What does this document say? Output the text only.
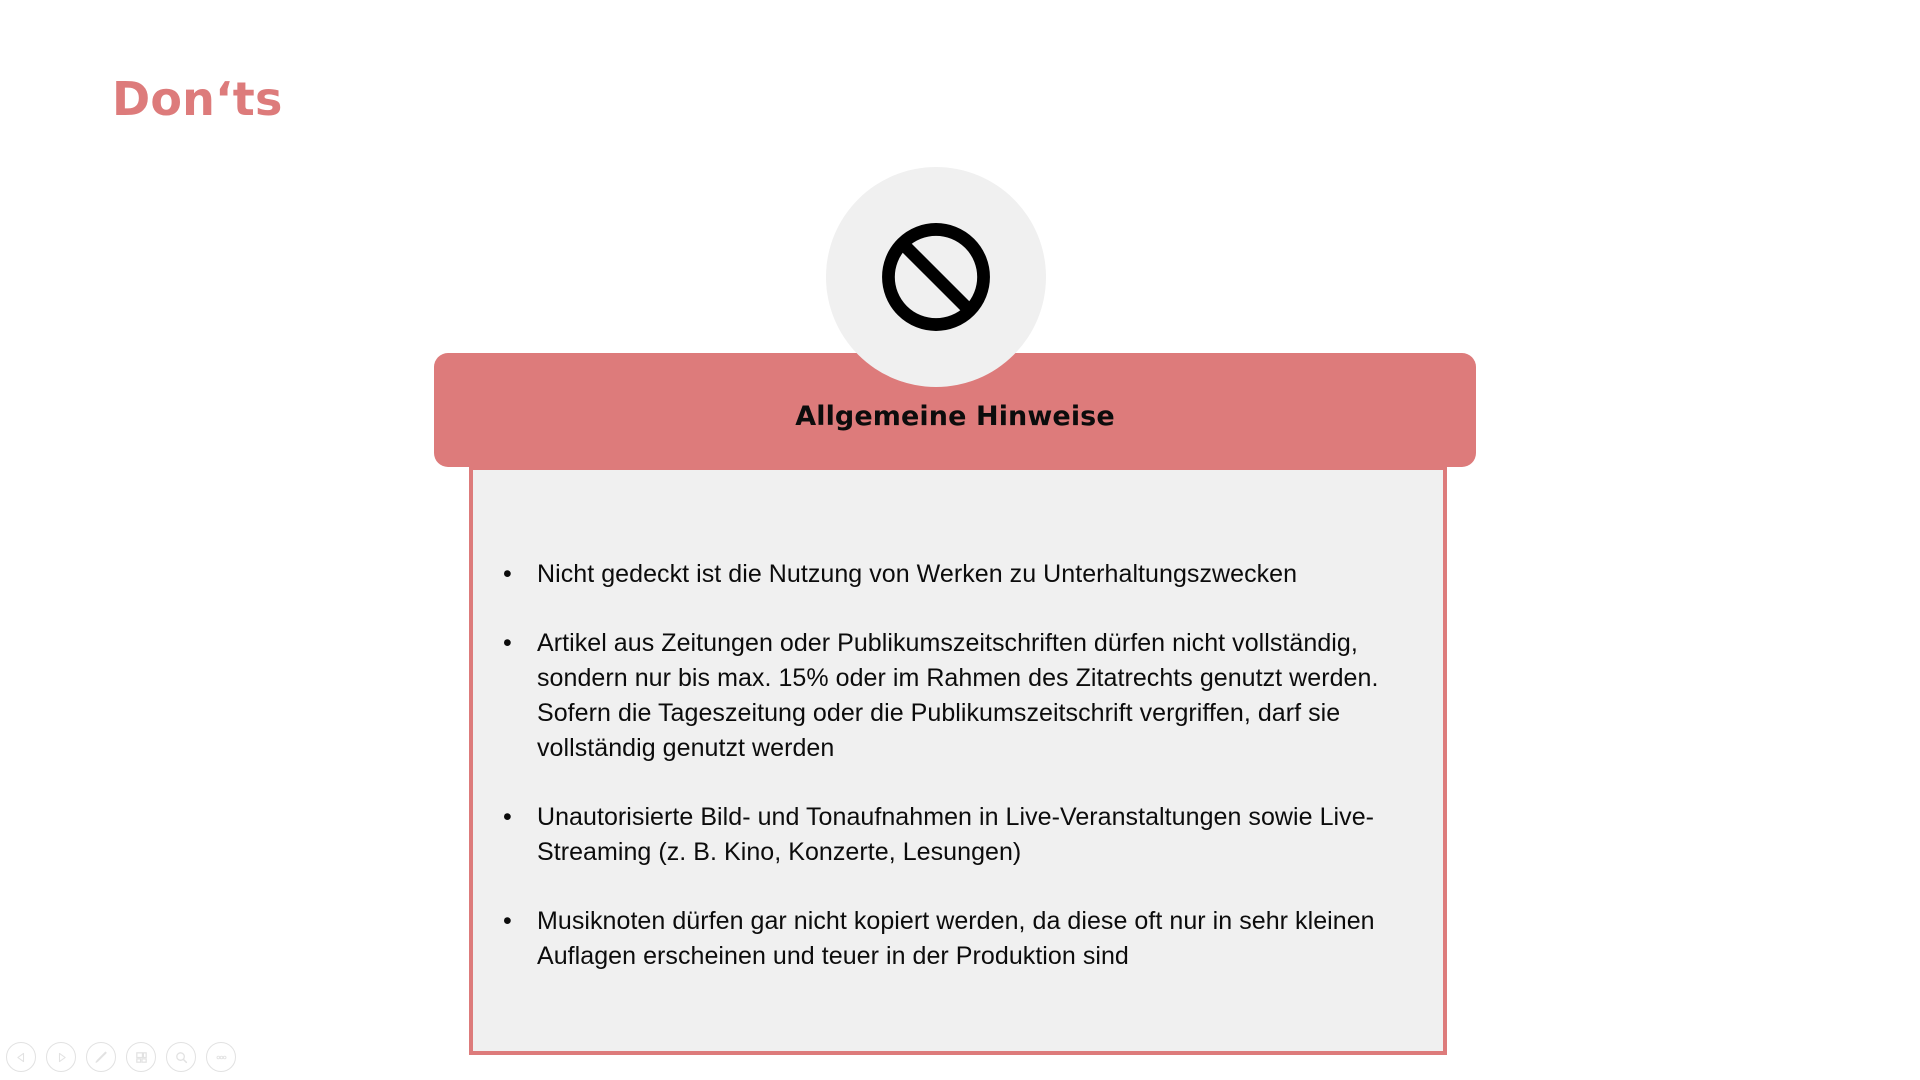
Don‘ts
•	Nicht gedeckt ist die Nutzung von Werken zu Unterhaltungszwecken
•	Artikel aus Zeitungen oder Publikumszeitschriften dürfen nicht vollständig, sondern nur bis max. 15% oder im Rahmen des Zitatrechts genutzt werden. Sofern die Tageszeitung oder die Publikumszeitschrift vergriffen, darf sie vollständig genutzt werden
•	Unautorisierte Bild- und Tonaufnahmen in Live-Veranstaltungen sowie Live-Streaming (z. B. Kino, Konzerte, Lesungen)
•	Musiknoten dürfen gar nicht kopiert werden, da diese oft nur in sehr kleinen Auflagen erscheinen und teuer in der Produktion sind
Allgemeine Hinweise
